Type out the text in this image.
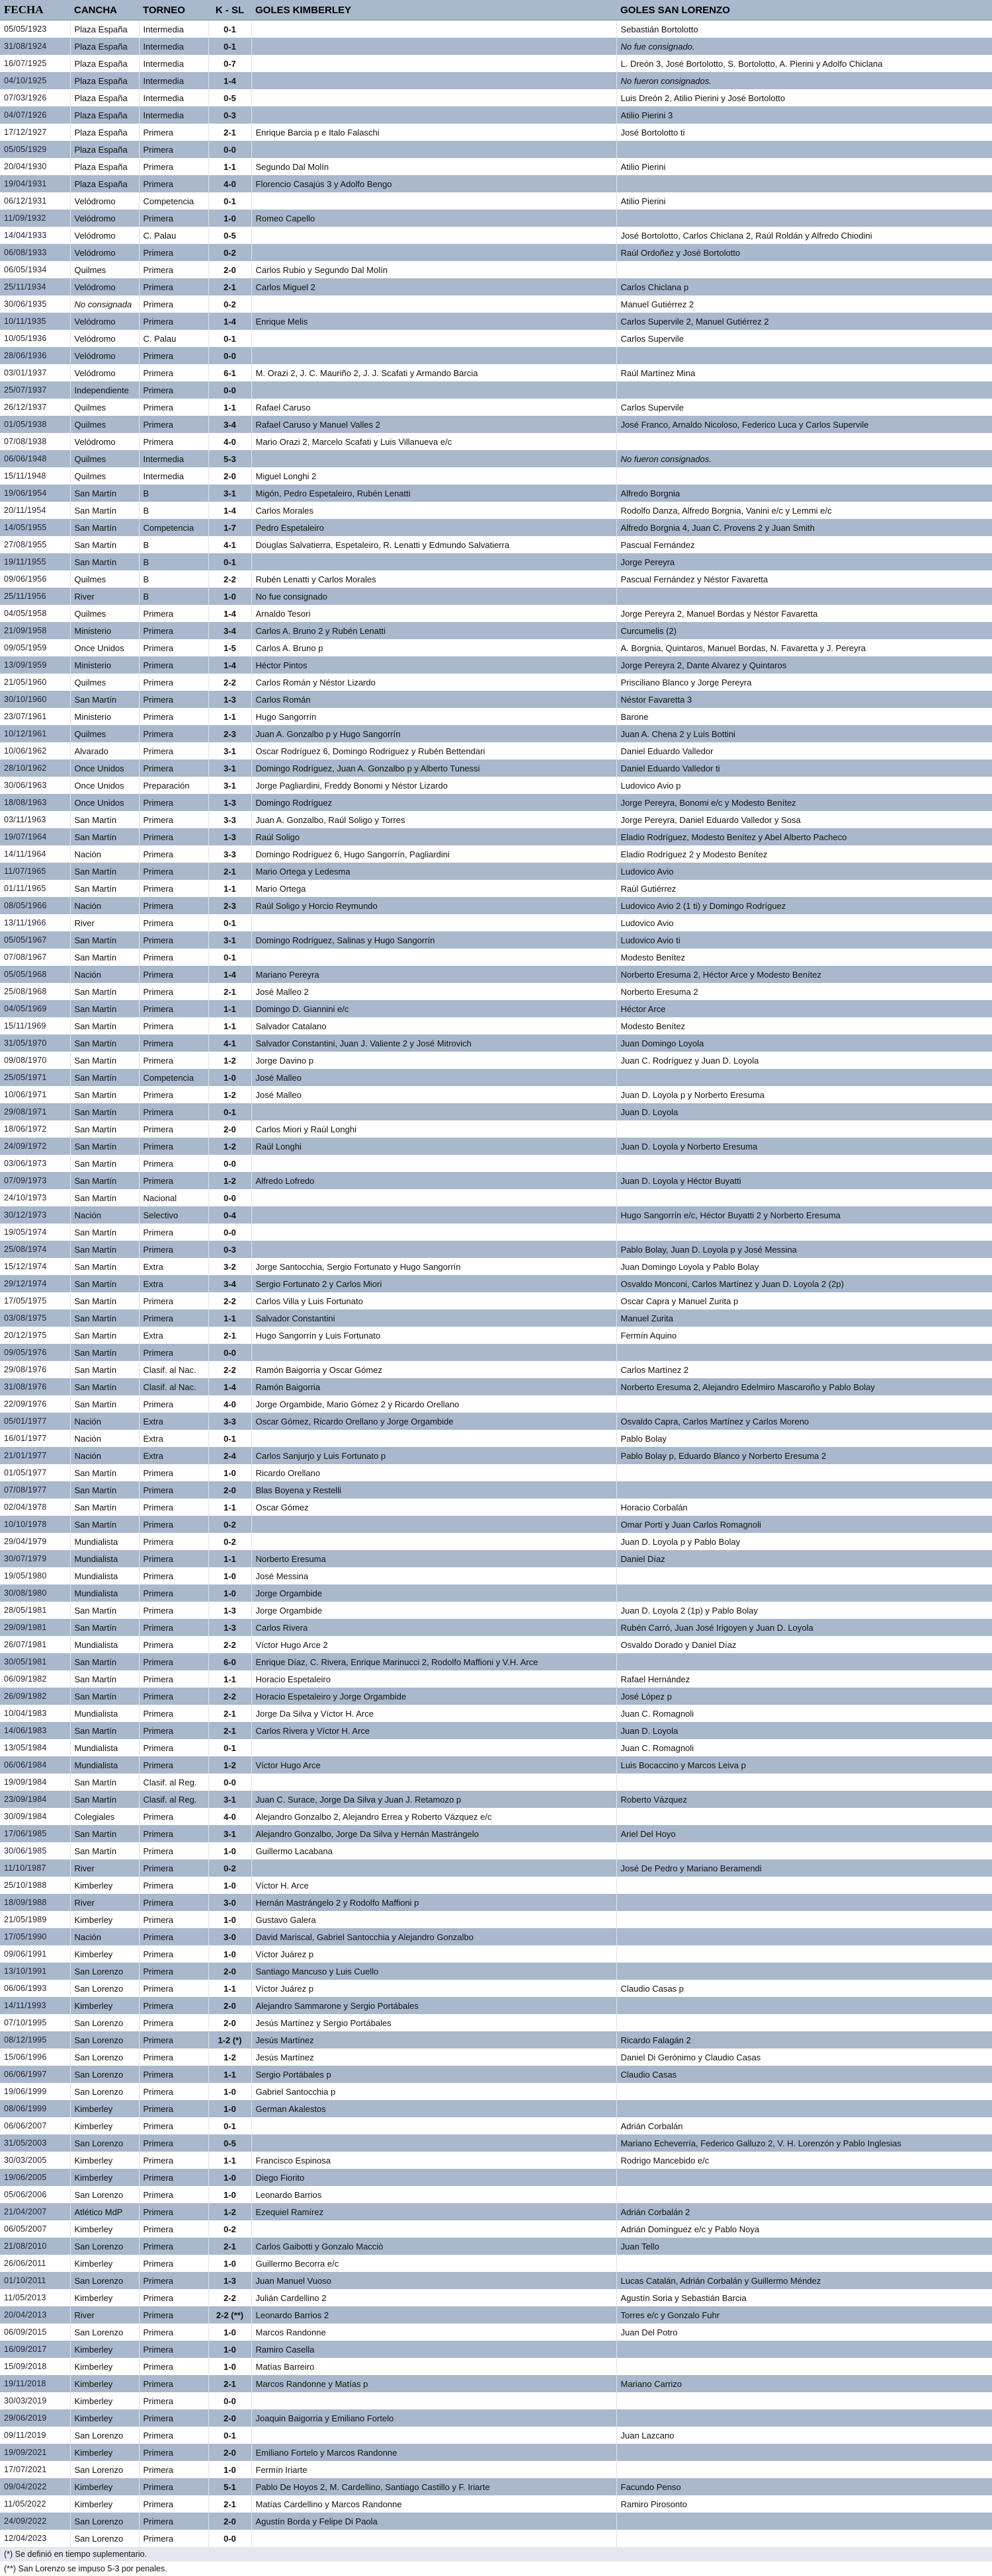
FECHA	CANCHA	TORNEO	K - SL	GOLES KIMBERLEY	GOLES SAN LORENZO
05/05/1923	Plaza España	Intermedia	0-1		Sebastián Bortolotto
31/08/1924	Plaza España	Intermedia	0-1		No fue consignado.
16/07/1925	Plaza España	Intermedia	0-7		L. Dreón 3, José Bortolotto, S. Bortolotto, A. Pierini y Adolfo Chiclana
04/10/1925	Plaza España	Intermedia	1-4		No fueron consignados.
07/03/1926	Plaza España	Intermedia	0-5		Luis Dreón 2, Atilio Pierini y José Bortolotto
04/07/1926	Plaza España	Intermedia	0-3		Atilio Pierini 3
17/12/1927	Plaza España	Primera	2-1	Enrique Barcia p e Italo Falaschi	José Bortolotto ti
05/05/1929	Plaza España	Primera	0-0		
20/04/1930	Plaza España	Primera	1-1	Segundo Dal Molín	Atilio Pierini
19/04/1931	Plaza España	Primera	4-0	Florencio Casajús 3 y Adolfo Bengo	
06/12/1931	Velódromo	Competencia	0-1		Atilio Pierini
11/09/1932	Velódromo	Primera	1-0	Romeo Capello	
14/04/1933	Velódromo	C. Palau	0-5		José Bortolotto, Carlos Chiclana 2, Raúl Roldán y Alfredo Chiodini
06/08/1933	Velódromo	Primera	0-2		Raúl Ordoñez y José Bortolotto
06/05/1934	Quilmes	Primera	2-0	Carlos Rubio y Segundo Dal Molín	
25/11/1934	Velódromo	Primera	2-1	Carlos Miguel 2	Carlos Chiclana p
30/06/1935	No consignada	Primera	0-2		Manuel Gutiérrez 2
10/11/1935	Velódromo	Primera	1-4	Enrique Melis	Carlos Supervile 2, Manuel Gutiérrez 2
10/05/1936	Velódromo	C. Palau	0-1		Carlos Supervile
28/06/1936	Velódromo	Primera	0-0		
03/01/1937	Velódromo	Primera	6-1	M. Orazi 2, J. C. Mauriño 2, J. J. Scafati y Armando Barcia	Raúl Martínez Mina
25/07/1937	Independiente	Primera	0-0		
26/12/1937	Quilmes	Primera	1-1	Rafael Caruso	Carlos Supervile
01/05/1938	Quilmes	Primera	3-4	Rafael Caruso y Manuel Valles 2	José Franco, Arnaldo Nicoloso, Federico Luca y Carlos Supervile
07/08/1938	Velódromo	Primera	4-0	Mario Orazi 2, Marcelo Scafati y Luis Villanueva e/c	
06/06/1948	Quilmes	Intermedia	5-3		No fueron consignados.
15/11/1948	Quilmes	Intermedia	2-0	Miguel Longhi 2	
19/06/1954	San Martín	B	3-1	Migón, Pedro Espetaleiro, Rubén Lenatti	Alfredo Borgnia
20/11/1954	San Martín	B	1-4	Carlos Morales	Rodolfo Danza, Alfredo Borgnia, Vanini e/c y Lemmi e/c
14/05/1955	San Martín	Competencia	1-7	Pedro Espetaleiro	Alfredo Borgnia 4, Juan C. Provens 2 y Juan Smith
27/08/1955	San Martín	B	4-1	Douglas Salvatierra, Espetaleiro, R. Lenatti y Edmundo Salvatierra	Pascual Fernández
19/11/1955	San Martín	B	0-1		Jorge Pereyra
09/06/1956	Quilmes	B	2-2	Rubén Lenatti y Carlos Morales	Pascual Fernández y Néstor Favaretta
25/11/1956	River	B	1-0	No fue consignado	
04/05/1958	Quilmes	Primera	1-4	Arnaldo Tesori	Jorge Pereyra 2, Manuel Bordas y Néstor Favaretta
21/09/1958	Ministerio	Primera	3-4	Carlos A. Bruno 2 y Rubén Lenatti	Curcumelis (2)
09/05/1959	Once Unidos	Primera	1-5	Carlos A. Bruno p	A. Borgnia, Quintaros, Manuel Bordas, N. Favaretta y J. Pereyra
13/09/1959	Ministerio	Primera	1-4	Héctor Pintos	Jorge Pereyra 2, Dante Alvarez y Quintaros
21/05/1960	Quilmes	Primera	2-2	Carlos Román y Néstor Lizardo	Prisciliano Blanco y Jorge Pereyra
30/10/1960	San Martín	Primera	1-3	Carlos Román	Néstor Favaretta 3
23/07/1961	Ministerio	Primera	1-1	Hugo Sangorrín	Barone
10/12/1961	Quilmes	Primera	2-3	Juan A. Gonzalbo p y Hugo Sangorrín	Juan A. Chena 2 y Luis Bottini
10/06/1962	Alvarado	Primera	3-1	Oscar Rodríguez 6, Domingo Rodríguez y Rubén Bettendari	Daniel Eduardo Valledor
28/10/1962	Once Unidos	Primera	3-1	Domingo Rodríguez, Juan A. Gonzalbo p y Alberto Tunessi	Daniel Eduardo Valledor ti
30/06/1963	Once Unidos	Preparación	3-1	Jorge Pagliardini, Freddy Bonomi y Néstor Lizardo	Ludovico Avio p
18/08/1963	Once Unidos	Primera	1-3	Domingo Rodríguez	Jorge Pereyra, Bonomi e/c y Modesto Benítez
03/11/1963	San Martín	Primera	3-3	Juan A. Gonzalbo, Raúl Soligo y Torres	Jorge Pereyra, Daniel Eduardo Valledor y Sosa
19/07/1964	San Martín	Primera	1-3	Raúl Soligo	Eladio Rodríguez, Modesto Benítez y Abel Alberto Pacheco
14/11/1964	Nación	Primera	3-3	Domingo Rodríguez 6, Hugo Sangorrín, Pagliardini	Eladio Rodríguez 2 y Modesto Benítez
11/07/1965	San Martín	Primera	2-1	Mario Ortega y Ledesma	Ludovico Avio
01/11/1965	San Martín	Primera	1-1	Mario Ortega	Raúl Gutiérrez
08/05/1966	Nación	Primera	2-3	Raúl Soligo y Horcio Reymundo	Ludovico Avio 2 (1 ti) y Domingo Rodríguez
13/11/1966	River	Primera	0-1		Ludovico Avio
05/05/1967	San Martín	Primera	3-1	Domingo Rodríguez, Salinas y Hugo Sangorrín	Ludovico Avio ti
07/08/1967	San Martín	Primera	0-1		Modesto Benítez
05/05/1968	Nación	Primera	1-4	Mariano Pereyra	Norberto Eresuma 2, Héctor Arce y Modesto Benítez
25/08/1968	San Martín	Primera	2-1	José Malleo 2	Norberto Eresuma 2
04/05/1969	San Martín	Primera	1-1	Domingo D. Giannini e/c	Héctor Arce
15/11/1969	San Martín	Primera	1-1	Salvador Catalano	Modesto Benítez
31/05/1970	San Martín	Primera	4-1	Salvador Constantini, Juan J. Valiente 2 y José Mitrovich	Juan Domingo Loyola
09/08/1970	San Martín	Primera	1-2	Jorge Davino p	Juan C. Rodríguez y Juan D. Loyola
25/05/1971	San Martín	Competencia	1-0	José Malleo	
10/06/1971	San Martín	Primera	1-2	José Malleo	Juan D. Loyola p y Norberto Eresuma
29/08/1971	San Martín	Primera	0-1		Juan D. Loyola
18/06/1972	San Martín	Primera	2-0	Carlos Miori y Raúl Longhi	
24/09/1972	San Martín	Primera	1-2	Raúl Longhi	Juan D. Loyola y Norberto Eresuma
03/06/1973	San Martín	Primera	0-0		
07/09/1973	San Martín	Primera	1-2	Alfredo Lofredo	Juan D. Loyola y Héctor Buyatti
24/10/1973	San Martín	Nacional	0-0		
30/12/1973	Nación	Selectivo	0-4		Hugo Sangorrín e/c, Héctor Buyatti 2 y Norberto Eresuma
19/05/1974	San Martín	Primera	0-0		
25/08/1974	San Martín	Primera	0-3		Pablo Bolay, Juan D. Loyola p y José Messina
15/12/1974	San Martín	Extra	3-2	Jorge Santocchia, Sergio Fortunato y Hugo Sangorrín	Juan Domingo Loyola y Pablo Bolay
29/12/1974	San Martín	Extra	3-4	Sergio Fortunato 2 y Carlos Miori	Osvaldo Monconi, Carlos Martínez y Juan D. Loyola 2 (2p)
17/05/1975	San Martín	Primera	2-2	Carlos Villa y Luis Fortunato	Oscar Capra y Manuel Zurita p
03/08/1975	San Martín	Primera	1-1	Salvador Constantini	Manuel Zurita
20/12/1975	San Martín	Extra	2-1	Hugo Sangorrín y Luis Fortunato	Fermín Aquino
09/05/1976	San Martín	Primera	0-0		
29/08/1976	San Martín	Clasif. al Nac.	2-2	Ramón Baigorria y Oscar Gómez	Carlos Martínez 2
31/08/1976	San Martín	Clasif. al Nac.	1-4	Ramón Baigorria	Norberto Eresuma 2, Alejandro Edelmiro Mascaroño y Pablo Bolay
22/09/1976	San Martín	Primera	4-0	Jorge Orgambide, Mario Gómez 2 y Ricardo Orellano	
05/01/1977	Nación	Extra	3-3	Oscar Gómez, Ricardo Orellano y Jorge Orgambide	Osvaldo Capra, Carlos Martínez y Carlos Moreno
16/01/1977	Nación	Extra	0-1		Pablo Bolay
21/01/1977	Nación	Extra	2-4	Carlos Sanjurjo y Luis Fortunato p	Pablo Bolay p, Eduardo Blanco y Norberto Eresuma 2
01/05/1977	San Martín	Primera	1-0	Ricardo Orellano	
07/08/1977	San Martín	Primera	2-0	Blas Boyena y Restelli	
02/04/1978	San Martín	Primera	1-1	Oscar Gómez	Horacio Corbalán
10/10/1978	San Martín	Primera	0-2		Omar Portí y Juan Carlos Romagnoli
29/04/1979	Mundialista	Primera	0-2		Juan D. Loyola p y Pablo Bolay
30/07/1979	Mundialista	Primera	1-1	Norberto Eresuma	Daniel Díaz
19/05/1980	Mundialista	Primera	1-0	José Messina	
30/08/1980	Mundialista	Primera	1-0	Jorge Orgambide	
28/05/1981	San Martín	Primera	1-3	Jorge Orgambide	Juan D. Loyola 2 (1p) y Pablo Bolay
29/09/1981	San Martín	Primera	1-3	Carlos Rivera	Rubén Carró, Juan José Irigoyen y Juan D. Loyola
26/07/1981	Mundialista	Primera	2-2	Víctor Hugo Arce 2	Osvaldo Dorado y Daniel Díaz
30/05/1981	San Martín	Primera	6-0	Enrique Díaz, C. Rivera, Enrique Marinucci 2, Rodolfo Maffioni y V.H. Arce	
06/09/1982	San Martín	Primera	1-1	Horacio Espetaleiro	Rafael Hernández
26/09/1982	San Martín	Primera	2-2	Horacio Espetaleiro y Jorge Orgambide	José López p
10/04/1983	Mundialista	Primera	2-1	Jorge Da Silva y Víctor H. Arce	Juan C. Romagnoli
14/06/1983	San Martín	Primera	2-1	Carlos Rivera y Víctor H. Arce	Juan D. Loyola
13/05/1984	Mundialista	Primera	0-1		Juan C. Romagnoli
06/06/1984	Mundialista	Primera	1-2	Víctor Hugo Arce	Luis Bocaccino y Marcos Leiva p
19/09/1984	San Martín	Clasif. al Reg.	0-0		
23/09/1984	San Martín	Clasif. al Reg.	3-1	Juan C. Surace, Jorge Da Silva y Juan J. Retamozo p	Roberto Vázquez
30/09/1984	Colegiales	Primera	4-0	Alejandro Gonzalbo 2, Alejandro Errea y Roberto Vázquez e/c	
17/06/1985	San Martín	Primera	3-1	Alejandro Gonzalbo, Jorge Da Silva y Hernán Mastrángelo	Ariel Del Hoyo
30/06/1985	San Martín	Primera	1-0	Guillermo Lacabana	
11/10/1987	River	Primera	0-2		José De Pedro y Mariano Beramendi
25/10/1988	Kimberley	Primera	1-0	Víctor H. Arce	
18/09/1988	River	Primera	3-0	Hernán Mastrángelo 2 y Rodolfo Maffioni p	
21/05/1989	Kimberley	Primera	1-0	Gustavo Galera	
17/05/1990	Nación	Primera	3-0	David Mariscal, Gabriel Santocchia y Alejandro Gonzalbo	
09/06/1991	Kimberley	Primera	1-0	Víctor Juárez p	
13/10/1991	San Lorenzo	Primera	2-0	Santiago Mancuso y Luis Cuello	
06/06/1993	San Lorenzo	Primera	1-1	Víctor Juárez p	Claudio Casas p
14/11/1993	Kimberley	Primera	2-0	Alejandro Sammarone y Sergio Portábales	
07/10/1995	San Lorenzo	Primera	2-0	Jesús Martínez y Sergio Portábales	
08/12/1995	San Lorenzo	Primera	1-2 (*)	Jesús Martínez	Ricardo Falagán 2
15/06/1996	San Lorenzo	Primera	1-2	Jesús Martínez	Daniel Di Gerónimo y Claudio Casas
06/06/1997	San Lorenzo	Primera	1-1	Sergio Portábales p	Claudio Casas
19/06/1999	San Lorenzo	Primera	1-0	Gabriel Santocchia p	
08/06/1999	Kimberley	Primera	1-0	German Akalestos	
06/06/2007	Kimberley	Primera	0-1		Adrián Corbalán
31/05/2003	San Lorenzo	Primera	0-5		Mariano Echeverría, Federico Galluzo 2, V. H. Lorenzón y Pablo Inglesias
30/03/2005	Kimberley	Primera	1-1	Francisco Espinosa	Rodrigo Mancebido e/c
19/06/2005	Kimberley	Primera	1-0	Diego Fiorito	
05/06/2006	San Lorenzo	Primera	1-0	Leonardo Barrios	
21/04/2007	Atlético MdP	Primera	1-2	Ezequiel Ramírez	Adrián Corbalán 2
06/05/2007	Kimberley	Primera	0-2		Adrián Domínguez e/c y Pablo Noya
21/08/2010	San Lorenzo	Primera	2-1	Carlos Gaibotti y Gonzalo Macciò	Juan Tello
26/06/2011	Kimberley	Primera	1-0	Guillermo Becorra e/c	
01/10/2011	San Lorenzo	Primera	1-3	Juan Manuel Vuoso	Lucas Catalán, Adrián Corbalán y Guillermo Méndez
11/05/2013	Kimberley	Primera	2-2	Julián Cardellino 2	Agustín Soria y Sebastián Barcia
20/04/2013	River	Primera	2-2 (**)	Leonardo Barrios 2	Torres e/c y Gonzalo Fuhr
06/09/2015	San Lorenzo	Primera	1-0	Marcos Randonne	Juan Del Potro
16/09/2017	Kimberley	Primera	1-0	Ramiro Casella	
15/09/2018	Kimberley	Primera	1-0	Matías Barreiro	
19/11/2018	Kimberley	Primera	2-1	Marcos Randonne y Matías p	Mariano Carrizo
30/03/2019	Kimberley	Primera	0-0		
29/06/2019	Kimberley	Primera	2-0	Joaquin Baigorria y Emiliano Fortelo	
09/11/2019	San Lorenzo	Primera	0-1		Juan Lazcano
19/09/2021	Kimberley	Primera	2-0	Emiliano Fortelo y Marcos Randonne	
17/07/2021	San Lorenzo	Primera	1-0	Fermín Iriarte	
09/04/2022	Kimberley	Primera	5-1	Pablo De Hoyos 2, M. Cardellino, Santiago Castillo y F. Iriarte	Facundo Penso
11/05/2022	Kimberley	Primera	2-1	Matías Cardellino y Marcos Randonne	Ramiro Pirosonto
24/09/2022	San Lorenzo	Primera	2-0	Agustín Borda y Felipe Di Paola	
12/04/2023	San Lorenzo	Primera	0-0		
(*) Se definió en tiempo suplementario.
(**) San Lorenzo se impuso 5-3 por penales.
